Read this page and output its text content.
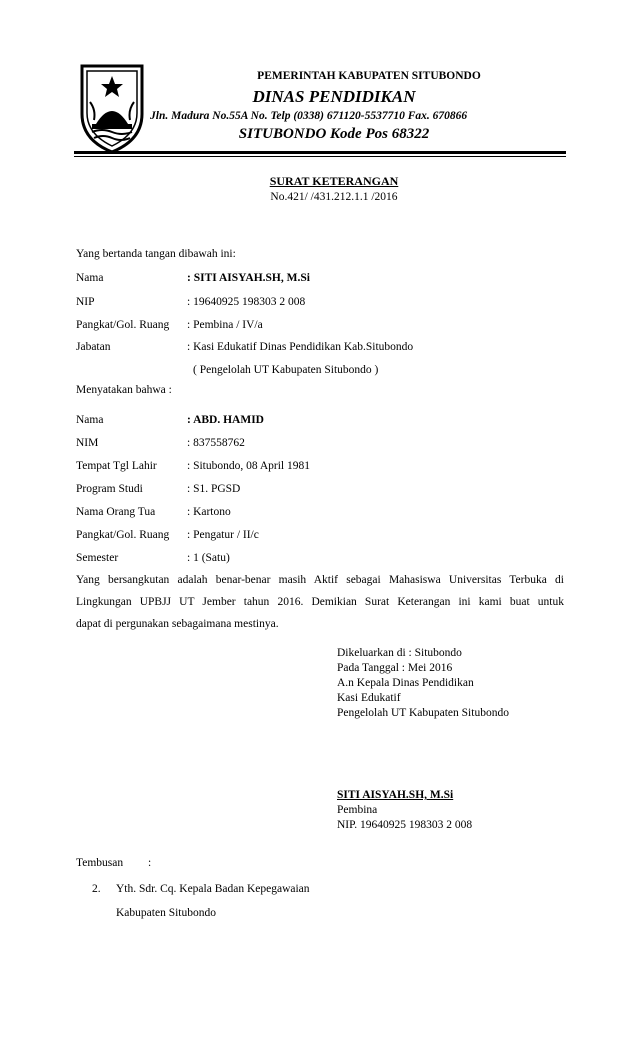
PEMERINTAH KABUPATEN SITUBONDO
DINAS PENDIDIKAN
Jln. Madura No.55A No. Telp (0338) 671120-5537710 Fax. 670866
SITUBONDO Kode Pos 68322
SURAT KETERANGAN
No.421/ /431.212.1.1 /2016
Yang bertanda tangan dibawah ini:
Nama	: SITI AISYAH.SH, M.Si
NIP	: 19640925 198303 2 008
Pangkat/Gol. Ruang : Pembina / IV/a
Jabatan	: Kasi Edukatif Dinas Pendidikan Kab.Situbondo
( Pengelolah UT Kabupaten Situbondo )
Menyatakan bahwa :
Nama	: ABD. HAMID
NIM	: 837558762
Tempat Tgl Lahir	: Situbondo, 08 April 1981
Program Studi	: S1. PGSD
Nama Orang Tua	: Kartono
Pangkat/Gol. Ruang : Pengatur / II/c
Semester	: 1 (Satu)
Yang bersangkutan adalah benar-benar masih Aktif sebagai Mahasiswa Universitas Terbuka di
Lingkungan UPBJJ UT Jember tahun 2016. Demikian Surat Keterangan ini kami buat untuk
dapat di pergunakan sebagaimana mestinya.
Dikeluarkan di : Situbondo
Pada Tanggal : Mei 2016
A.n Kepala Dinas Pendidikan
Kasi Edukatif
Pengelolah UT Kabupaten Situbondo
SITI AISYAH.SH, M.Si
Pembina
NIP. 19640925 198303 2 008
Tembusan :
2. Yth. Sdr. Cq. Kepala Badan Kepegawaian
Kabupaten Situbondo
